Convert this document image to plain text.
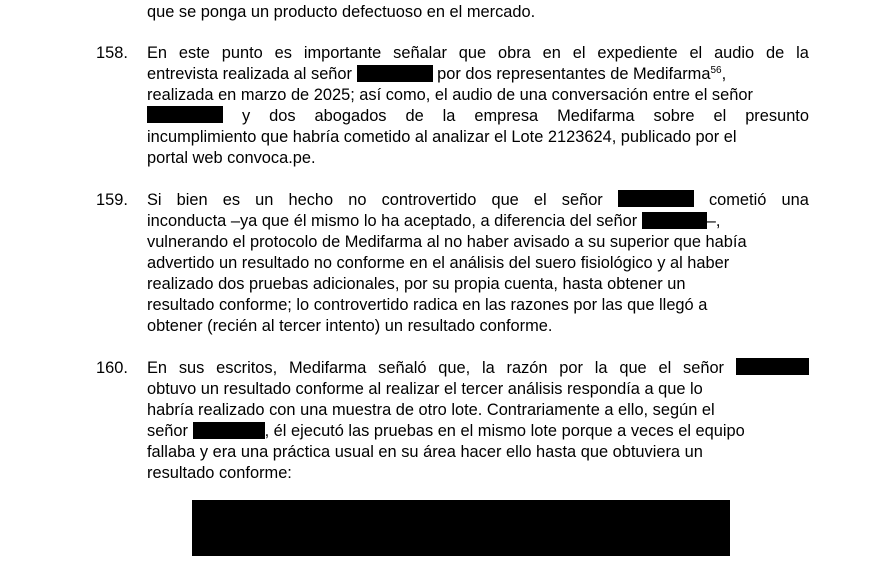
que se ponga un producto defectuoso en el mercado.
158.	En este punto es importante señalar que obra en el expediente el audio de la
entrevista realizada al señor	por dos representantes de Medifarma$^{56}$,
realizada en marzo de 2025; así como, el audio de una conversación entre el señor
y dos abogados de la empresa Medifarma sobre el presunto
incumplimiento que habría cometido al analizar el Lote 2123624, publicado por el
portal web convoca.pe.
159.	Si bien es un hecho no controvertido que el señor	cometió una
inconducta –ya que él mismo lo ha aceptado, a diferencia del señor	–,
vulnerando el protocolo de Medifarma al no haber avisado a su superior que había
advertido un resultado no conforme en el análisis del suero fisiológico y al haber
realizado dos pruebas adicionales, por su propia cuenta, hasta obtener un
resultado conforme; lo controvertido radica en las razones por las que llegó a
obtener (recién al tercer intento) un resultado conforme.
160.	En sus escritos, Medifarma señaló que, la razón por la que el señor
obtuvo un resultado conforme al realizar el tercer análisis respondía a que lo
habría realizado con una muestra de otro lote. Contrariamente a ello, según el
señor	, él ejecutó las pruebas en el mismo lote porque a veces el equipo
fallaba y era una práctica usual en su área hacer ello hasta que obtuviera un
resultado conforme:
